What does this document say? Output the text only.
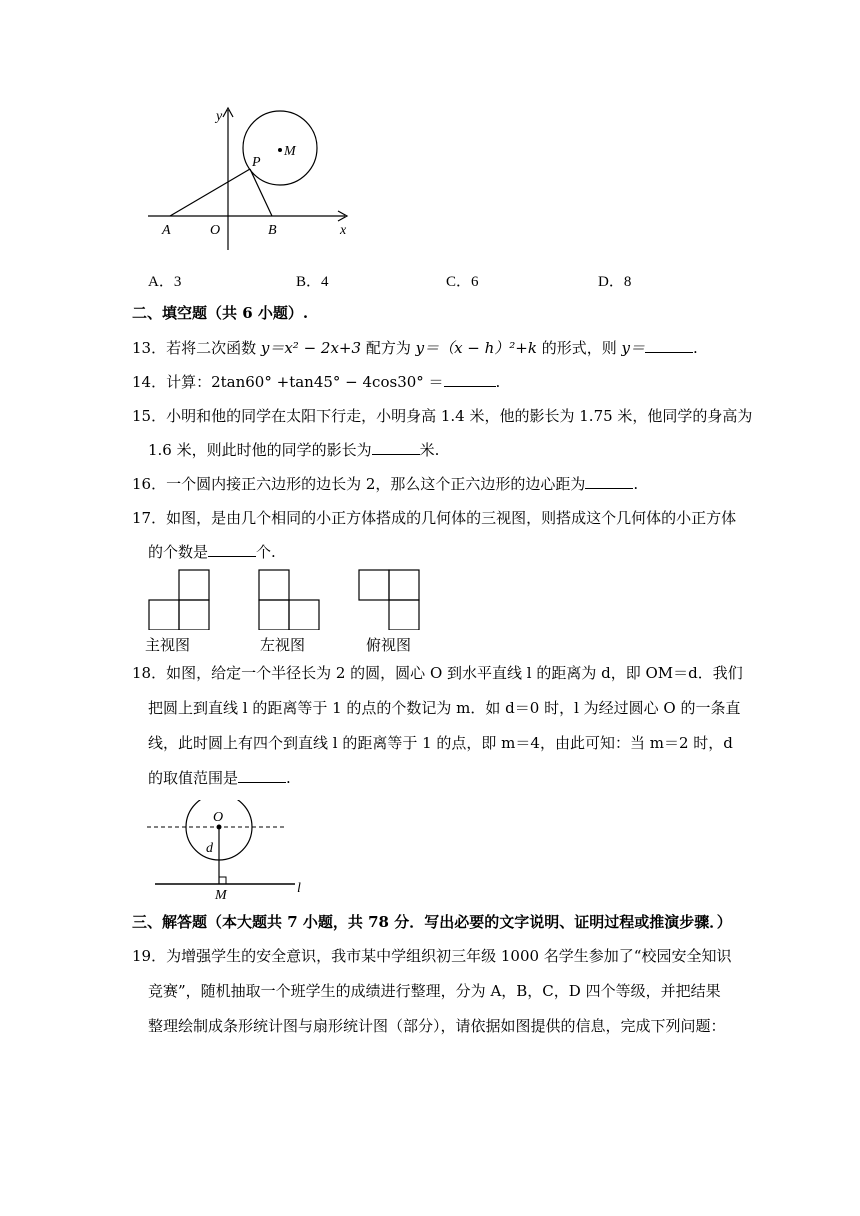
y
x
M
P
A	O	B
A．3	B．4	C．6	D．8
二、填空题（共 6 小题）.
13．若将二次函数 y＝x² − 2x+3 配方为 y＝（x − h）²+k 的形式，则 y＝	.
14．计算：2tan60° +tan45° − 4cos30° ＝	.
15．小明和他的同学在太阳下行走，小明身高 1.4 米，他的影长为 1.75 米，他同学的身高为
1.6 米，则此时他的同学的影长为	米.
16．一个圆内接正六边形的边长为 2，那么这个正六边形的边心距为	.
17．如图，是由几个相同的小正方体搭成的几何体的三视图，则搭成这个几何体的小正方体
的个数是	个.
主视图	左视图	俯视图
18．如图，给定一个半径长为 2 的圆，圆心 O 到水平直线 l 的距离为 d，即 OM＝d．我们
把圆上到直线 l 的距离等于 1 的点的个数记为 m．如 d＝0 时，l 为经过圆心 O 的一条直
线，此时圆上有四个到直线 l 的距离等于 1 的点，即 m＝4，由此可知：当 m＝2 时，d
的取值范围是	.
O
d
M	l
三、解答题（本大题共 7 小题，共 78 分．写出必要的文字说明、证明过程或推演步骤．）
19．为增强学生的安全意识，我市某中学组织初三年级 1000 名学生参加了“校园安全知识
竞赛”，随机抽取一个班学生的成绩进行整理，分为 A，B，C，D 四个等级，并把结果
整理绘制成条形统计图与扇形统计图（部分），请依据如图提供的信息，完成下列问题：
